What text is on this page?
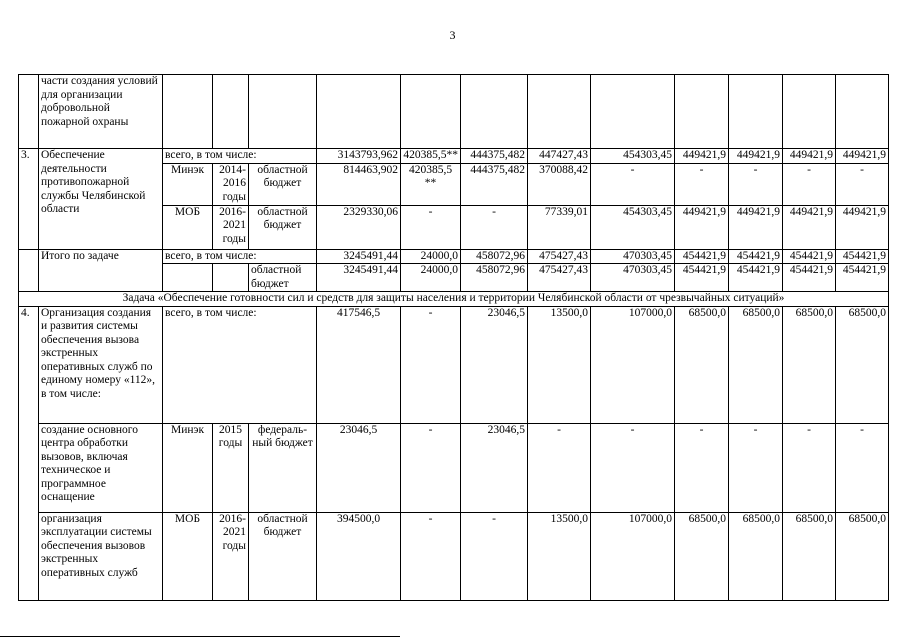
3
	части создания условий для организации добровольной пожарной охраны												
3.	Обеспечение деятельности противопожарной службы Челябинской области	всего, в том числе:			3143793,962	420385,5**	444375,482	447427,43	454303,45	449421,9	449421,9	449421,9	449421,9
		Минэк	2014-2016 годы	областной бюджет	814463,902	420385,5 **	444375,482	370088,42	-	-	-	-	-
		МОБ	2016-2021 годы	областной бюджет	2329330,06	-	-	77339,01	454303,45	449421,9	449421,9	449421,9	449421,9
	Итого по задаче	всего, в том числе:			3245491,44	24000,0	458072,96	475427,43	470303,45	454421,9	454421,9	454421,9	454421,9
				областной бюджет	3245491,44	24000,0	458072,96	475427,43	470303,45	454421,9	454421,9	454421,9	454421,9
Задача «Обеспечение готовности сил и средств для защиты населения и территории Челябинской области от чрезвычайных ситуаций»													
4.	Организация создания и развития системы обеспечения вызова экстренных оперативных служб по единому номеру «112», в том числе:	всего, в том числе:			417546,5	-	23046,5	13500,0	107000,0	68500,0	68500,0	68500,0	68500,0
	создание основного центра обработки вызовов, включая техническое и программное оснащение	Минэк	2015 годы	федераль-ный бюджет	23046,5	-	23046,5	-	-	-	-	-	-
	организация эксплуатации системы обеспечения вызовов экстренных оперативных служб	МОБ	2016-2021 годы	областной бюджет	394500,0	-	-	13500,0	107000,0	68500,0	68500,0	68500,0	68500,0
